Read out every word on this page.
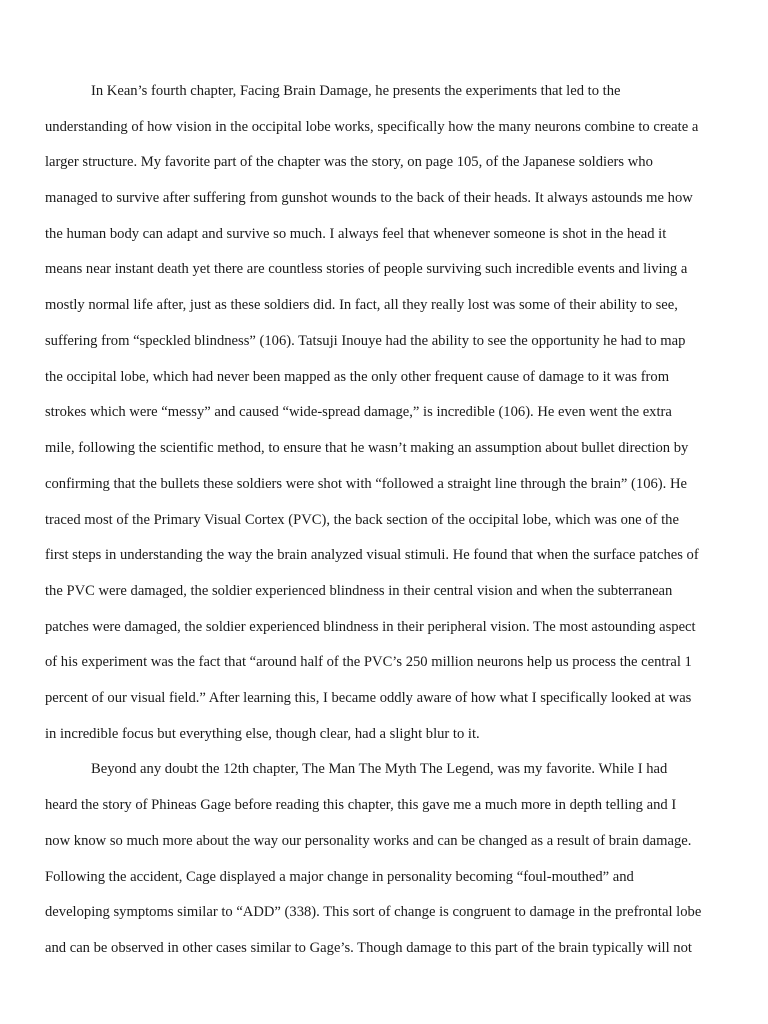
In Kean’s fourth chapter, Facing Brain Damage, he presents the experiments that led to the
understanding of how vision in the occipital lobe works, specifically how the many neurons combine to create a
larger structure. My favorite part of the chapter was the story, on page 105, of the Japanese soldiers who
managed to survive after suffering from gunshot wounds to the back of their heads. It always astounds me how
the human body can adapt and survive so much. I always feel that whenever someone is shot in the head it
means near instant death yet there are countless stories of people surviving such incredible events and living a
mostly normal life after, just as these soldiers did. In fact, all they really lost was some of their ability to see,
suffering from “speckled blindness” (106). Tatsuji Inouye had the ability to see the opportunity he had to map
the occipital lobe, which had never been mapped as the only other frequent cause of damage to it was from
strokes which were “messy” and caused “wide-spread damage,” is incredible (106). He even went the extra
mile, following the scientific method, to ensure that he wasn’t making an assumption about bullet direction by
confirming that the bullets these soldiers were shot with “followed a straight line through the brain” (106). He
traced most of the Primary Visual Cortex (PVC), the back section of the occipital lobe, which was one of the
first steps in understanding the way the brain analyzed visual stimuli. He found that when the surface patches of
the PVC were damaged, the soldier experienced blindness in their central vision and when the subterranean
patches were damaged, the soldier experienced blindness in their peripheral vision. The most astounding aspect
of his experiment was the fact that “around half of the PVC’s 250 million neurons help us process the central 1
percent of our visual field.” After learning this, I became oddly aware of how what I specifically looked at was
in incredible focus but everything else, though clear, had a slight blur to it.
Beyond any doubt the 12th chapter, The Man The Myth The Legend, was my favorite. While I had
heard the story of Phineas Gage before reading this chapter, this gave me a much more in depth telling and I
now know so much more about the way our personality works and can be changed as a result of brain damage.
Following the accident, Cage displayed a major change in personality becoming “foul-mouthed” and
developing symptoms similar to “ADD” (338). This sort of change is congruent to damage in the prefrontal lobe
and can be observed in other cases similar to Gage’s. Though damage to this part of the brain typically will not
